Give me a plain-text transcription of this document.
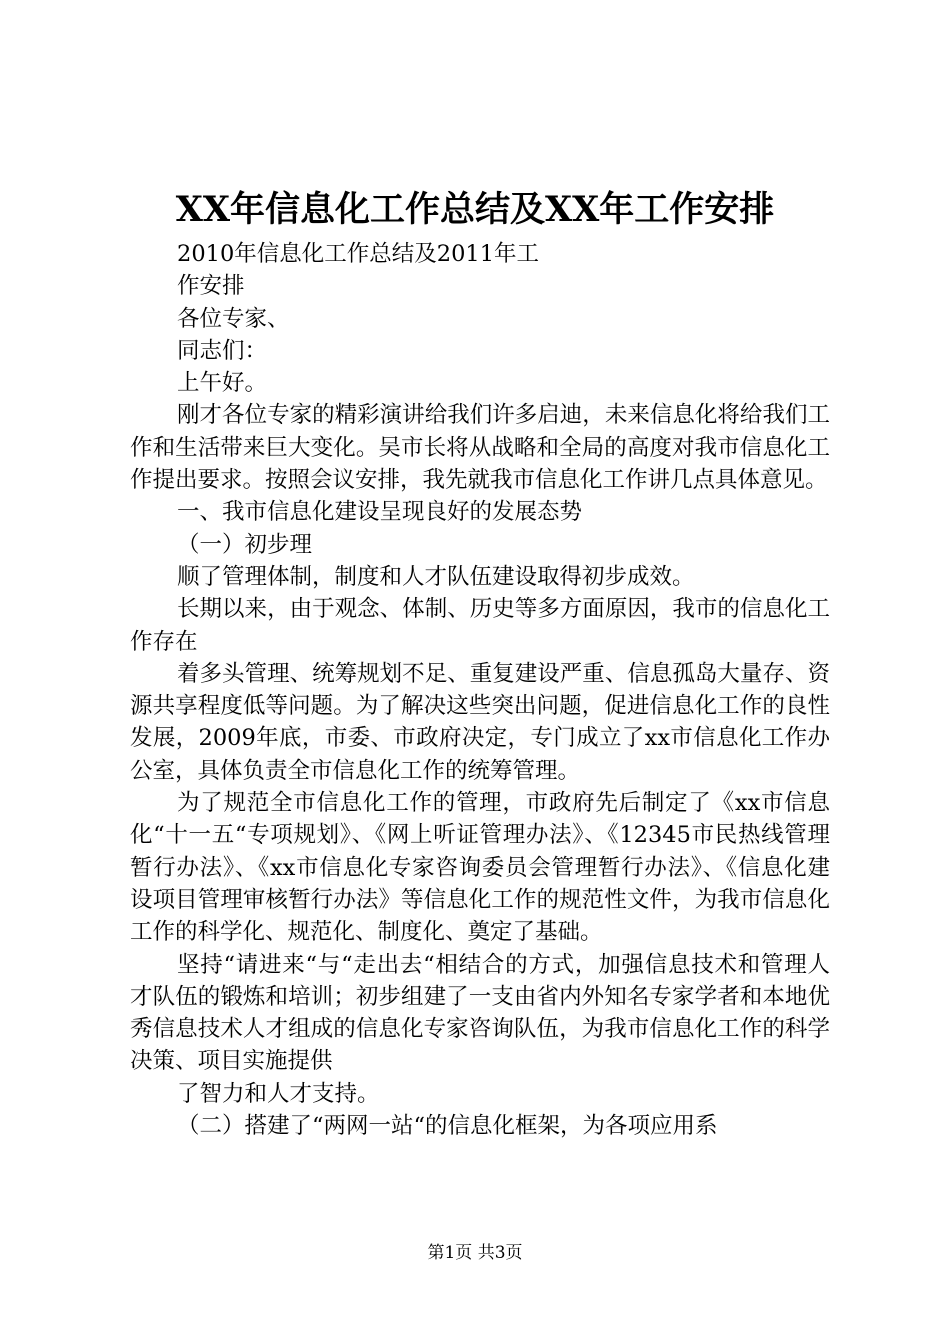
XX年信息化工作总结及XX年工作安排

2010年信息化工作总结及2011年工

作安排

各位专家、

同志们：

上午好。

刚才各位专家的精彩演讲给我们许多启迪，未来信息化将给我们工作和生活带来巨大变化。吴市长将从战略和全局的高度对我市信息化工作提出要求。按照会议安排，我先就我市信息化工作讲几点具体意见。

一、我市信息化建设呈现良好的发展态势

（一）初步理

顺了管理体制，制度和人才队伍建设取得初步成效。

长期以来，由于观念、体制、历史等多方面原因，我市的信息化工作存在

着多头管理、统筹规划不足、重复建设严重、信息孤岛大量存、资源共享程度低等问题。为了解决这些突出问题，促进信息化工作的良性发展，2009年底，市委、市政府决定，专门成立了xx市信息化工作办公室，具体负责全市信息化工作的统筹管理。

为了规范全市信息化工作的管理，市政府先后制定了《xx市信息化“十一五“专项规划》、《网上听证管理办法》、《12345市民热线管理暂行办法》、《xx市信息化专家咨询委员会管理暂行办法》、《信息化建设项目管理审核暂行办法》等信息化工作的规范性文件，为我市信息化工作的科学化、规范化、制度化、奠定了基础。

坚持“请进来“与“走出去“相结合的方式，加强信息技术和管理人才队伍的锻炼和培训；初步组建了一支由省内外知名专家学者和本地优秀信息技术人才组成的信息化专家咨询队伍，为我市信息化工作的科学决策、项目实施提供

了智力和人才支持。

（二）搭建了“两网一站“的信息化框架，为各项应用系

第1页 共3页
